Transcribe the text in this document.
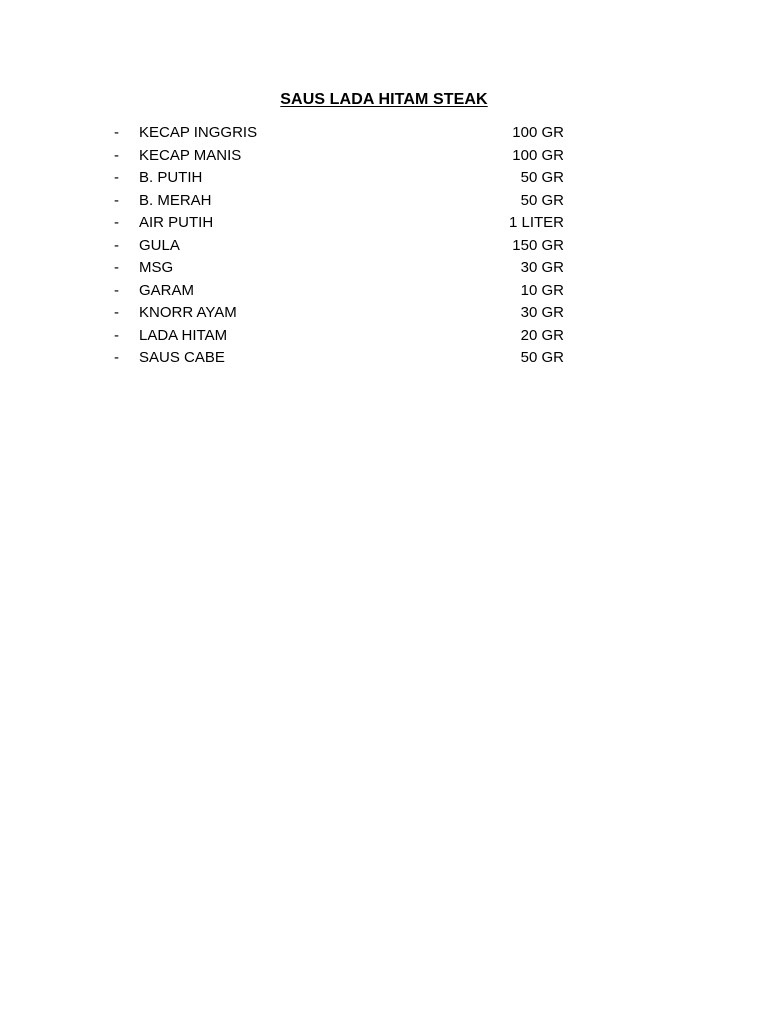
SAUS LADA HITAM STEAK
- KECAP INGGRIS	100 GR
- KECAP MANIS	100 GR
- B. PUTIH	50 GR
- B. MERAH	50 GR
- AIR PUTIH	1 LITER
- GULA	150 GR
- MSG	30 GR
- GARAM	10 GR
- KNORR AYAM	30 GR
- LADA HITAM	20 GR
- SAUS CABE	50 GR
